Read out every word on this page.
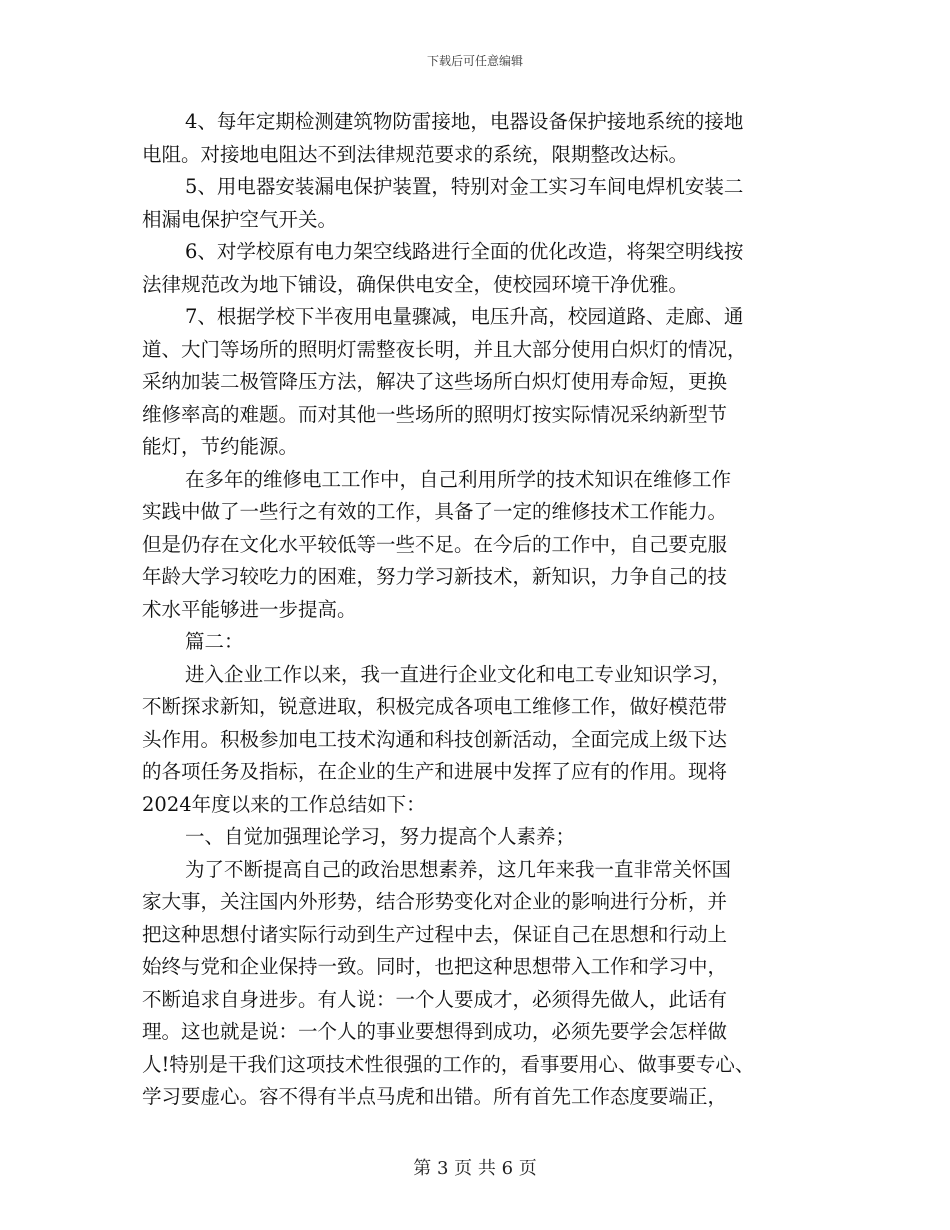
下载后可任意编辑
4、每年定期检测建筑物防雷接地，电器设备保护接地系统的接地
电阻。对接地电阻达不到法律规范要求的系统，限期整改达标。
5、用电器安装漏电保护装置，特别对金工实习车间电焊机安装二
相漏电保护空气开关。
6、对学校原有电力架空线路进行全面的优化改造，将架空明线按
法律规范改为地下铺设，确保供电安全，使校园环境干净优雅。
7、根据学校下半夜用电量骤减，电压升高，校园道路、走廊、通
道、大门等场所的照明灯需整夜长明，并且大部分使用白炽灯的情况，
采纳加装二极管降压方法，解决了这些场所白炽灯使用寿命短，更换
维修率高的难题。而对其他一些场所的照明灯按实际情况采纳新型节
能灯，节约能源。
在多年的维修电工工作中，自己利用所学的技术知识在维修工作
实践中做了一些行之有效的工作，具备了一定的维修技术工作能力。
但是仍存在文化水平较低等一些不足。在今后的工作中，自己要克服
年龄大学习较吃力的困难，努力学习新技术，新知识，力争自己的技
术水平能够进一步提高。
篇二：
进入企业工作以来，我一直进行企业文化和电工专业知识学习，
不断探求新知，锐意进取，积极完成各项电工维修工作，做好模范带
头作用。积极参加电工技术沟通和科技创新活动，全面完成上级下达
的各项任务及指标，在企业的生产和进展中发挥了应有的作用。现将
2024年度以来的工作总结如下：
一、自觉加强理论学习，努力提高个人素养；
为了不断提高自己的政治思想素养，这几年来我一直非常关怀国
家大事，关注国内外形势，结合形势变化对企业的影响进行分析，并
把这种思想付诸实际行动到生产过程中去，保证自己在思想和行动上
始终与党和企业保持一致。同时，也把这种思想带入工作和学习中，
不断追求自身进步。有人说：一个人要成才，必须得先做人，此话有
理。这也就是说：一个人的事业要想得到成功，必须先要学会怎样做
人!特别是干我们这项技术性很强的工作的，看事要用心、做事要专心、
学习要虚心。容不得有半点马虎和出错。所有首先工作态度要端正，
第 3 页 共 6 页
